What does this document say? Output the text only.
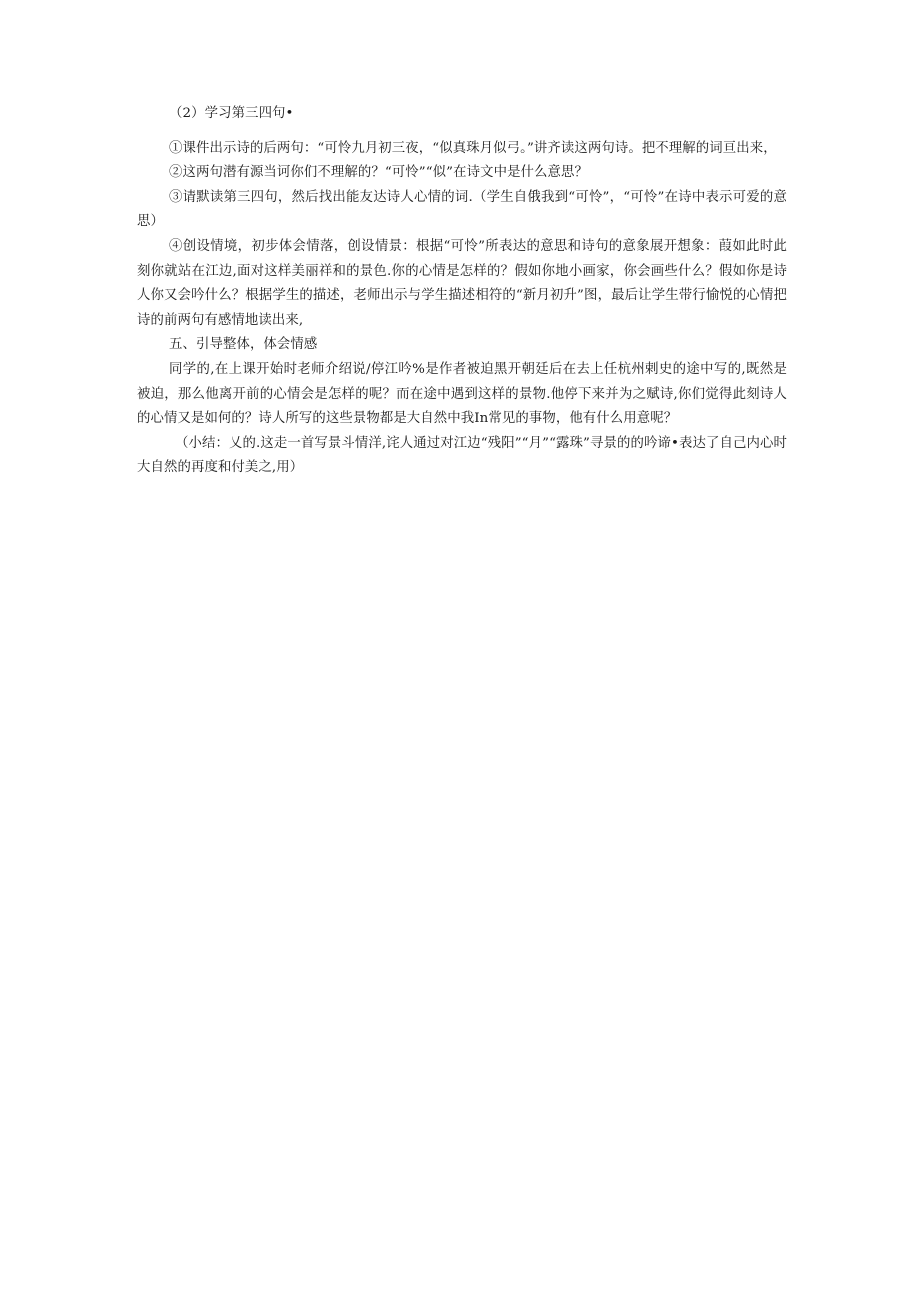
（2）学习第三四句•

①课件出示诗的后两句：“可怜九月初三夜，“似真珠月似弓。”讲齐读这两句诗。把不理解的词亘出来，

②这两句潜有源当诃你们不理解的？“可怜”“似”在诗文中是什么意思？

③请默读第三四句，然后找出能友达诗人心情的词.（学生自俄我到“可怜”，“可怜”在诗中表示可爱的意思）

④创设情境，初步体会情落，创设情景：根据“可怜”所表达的意思和诗句的意象展开想象：葭如此时此刻你就站在江边,面对这样美丽祥和的景色.你的心情是怎样的？假如你地小画家，你会画些什么？假如你是诗人你又会吟什么？根据学生的描述，老师出示与学生描述相符的“新月初升”图，最后让学生带行愉悦的心情把诗的前两句有感情地读出来,

五、引导整体，体会情感

同学的,在上课开始时老师介绍说/停江吟%是作者被迫黑开朝廷后在去上任杭州剌史的途中写的,既然是被迫，那么他离开前的心情会是怎样的呢？而在途中遇到这样的景物.他停下来并为之赋诗,你们觉得此刻诗人的心情又是如何的？诗人所写的这些景物都是大自然中我In常见的事物，他有什么用意呢？

（小结：乂的.这走一首写景斗情洋,诧人通过对江边“残阳”“月”“露珠”寻景的的吟谛•表达了自己内心时大自然的再度和付美之,用）
